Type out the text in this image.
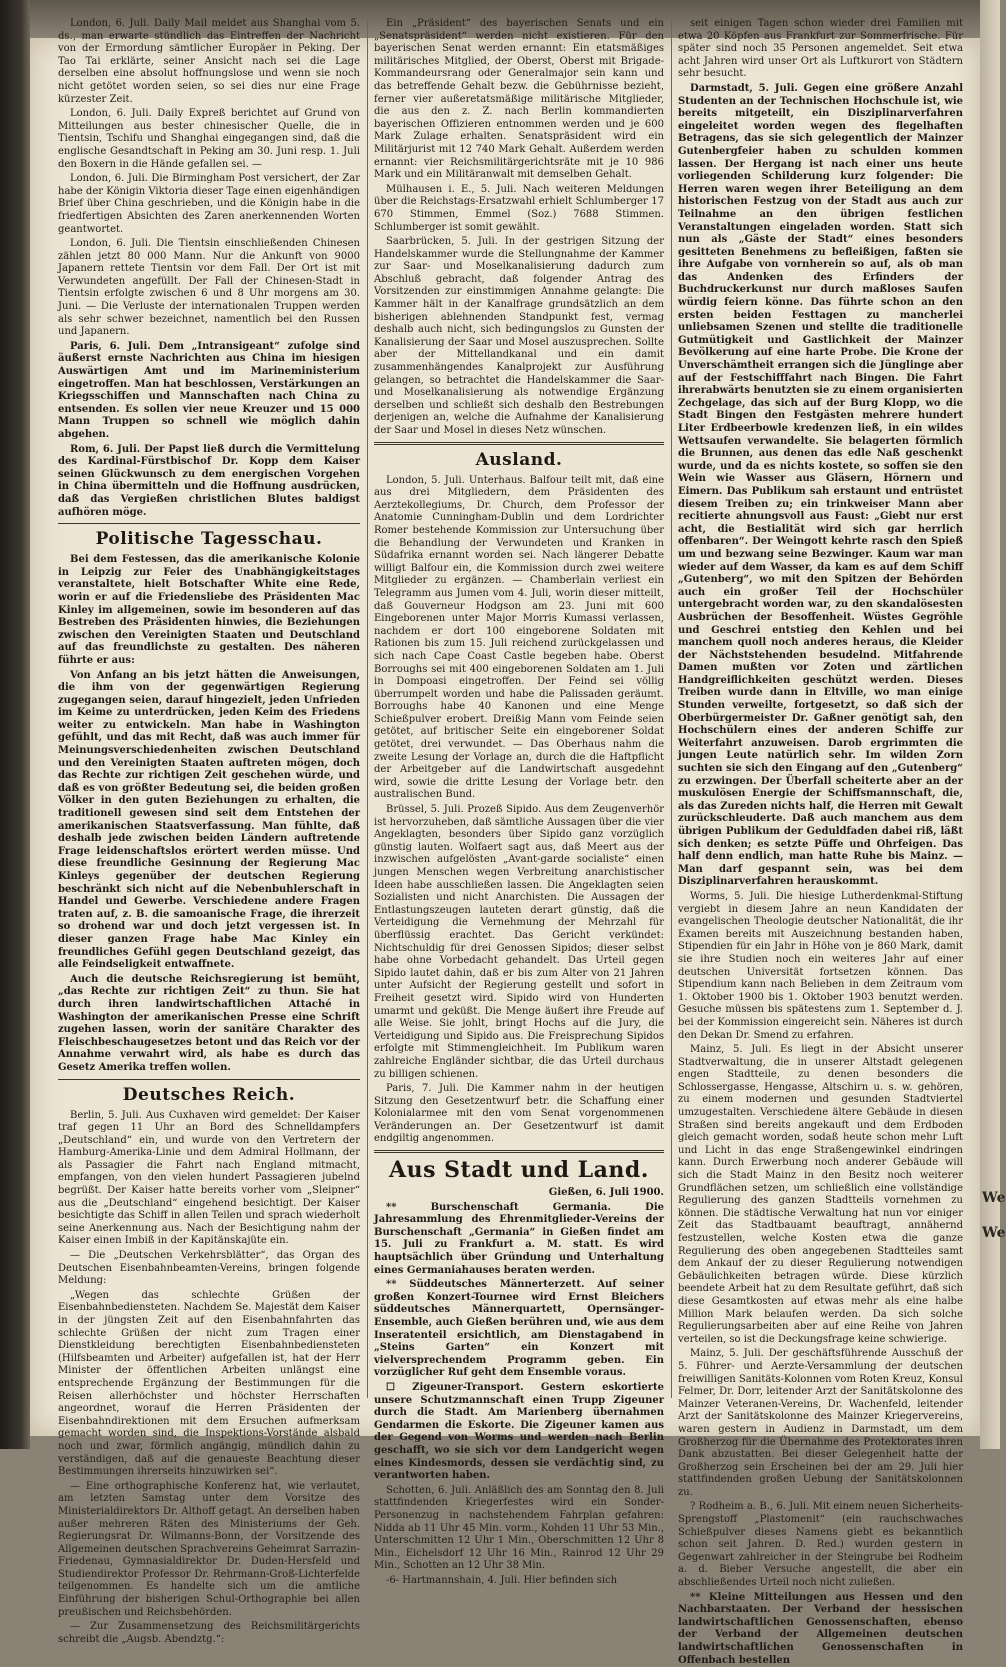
We
We

London, 6. Juli. Daily Mail meldet aus Shanghai vom 5. ds., man erwarte stündlich das Eintreffen der Nachricht von der Ermordung sämtlicher Europäer in Peking. Der Tao Tai erklärte, seiner Ansicht nach sei die Lage derselben eine absolut hoffnungslose und wenn sie noch nicht getötet worden seien, so sei dies nur eine Frage kürzester Zeit.

London, 6. Juli. Daily Expreß berichtet auf Grund von Mitteilungen aus bester chinesischer Quelle, die in Tientsin, Tschifu und Shanghai eingegangen sind, daß die englische Gesandtschaft in Peking am 30. Juni resp. 1. Juli den Boxern in die Hände gefallen sei. —

London, 6. Juli. Die Birmingham Post versichert, der Zar habe der Königin Viktoria dieser Tage einen eigenhändigen Brief über China geschrieben, und die Königin habe in die friedfertigen Absichten des Zaren anerkennenden Worten geantwortet.

London, 6. Juli. Die Tientsin einschließenden Chinesen zählen jetzt 80 000 Mann. Nur die Ankunft von 9000 Japanern rettete Tientsin vor dem Fall. Der Ort ist mit Verwundeten angefüllt. Der Fall der Chinesen-Stadt in Tientsin erfolgte zwischen 6 und 8 Uhr morgens am 30. Juni. — Die Verluste der internationalen Truppen werden als sehr schwer bezeichnet, namentlich bei den Russen und Japanern.

Paris, 6. Juli. Dem „Intransigeant“ zufolge sind äußerst ernste Nachrichten aus China im hiesigen Auswärtigen Amt und im Marineministerium eingetroffen. Man hat beschlossen, Verstärkungen an Kriegsschiffen und Mannschaften nach China zu entsenden. Es sollen vier neue Kreuzer und 15 000 Mann Truppen so schnell wie möglich dahin abgehen.

Rom, 6. Juli. Der Papst ließ durch die Vermittelung des Kardinal-Fürstbischof Dr. Kopp dem Kaiser seinen Glückwunsch zu dem energischen Vorgehen in China übermitteln und die Hoffnung ausdrücken, daß das Vergießen christlichen Blutes baldigst aufhören möge.

Politische Tagesschau.

Bei dem Festessen, das die amerikanische Kolonie in Leipzig zur Feier des Unabhängigkeitstages veranstaltete, hielt Botschafter White eine Rede, worin er auf die Friedensliebe des Präsidenten Mac Kinley im allgemeinen, sowie im besonderen auf das Bestreben des Präsidenten hinwies, die Beziehungen zwischen den Vereinigten Staaten und Deutschland auf das freundlichste zu gestalten. Des näheren führte er aus:

Von Anfang an bis jetzt hätten die Anweisungen, die ihm von der gegenwärtigen Regierung zugegangen seien, darauf hingezielt, jeden Unfrieden im Keime zu unterdrücken, jeden Keim des Friedens weiter zu entwickeln. Man habe in Washington gefühlt, und das mit Recht, daß was auch immer für Meinungsverschiedenheiten zwischen Deutschland und den Vereinigten Staaten auftreten mögen, doch das Rechte zur richtigen Zeit geschehen würde, und daß es von größter Bedeutung sei, die beiden großen Völker in den guten Beziehungen zu erhalten, die traditionell gewesen sind seit dem Entstehen der amerikanischen Staatsverfassung. Man fühlte, daß deshalb jede zwischen beiden Ländern auftretende Frage leidenschaftslos erörtert werden müsse. Und diese freundliche Gesinnung der Regierung Mac Kinleys gegenüber der deutschen Regierung beschränkt sich nicht auf die Nebenbuhlerschaft in Handel und Gewerbe. Verschiedene andere Fragen traten auf, z. B. die samoanische Frage, die ihrerzeit so drohend war und doch jetzt vergessen ist. In dieser ganzen Frage habe Mac Kinley ein freundliches Gefühl gegen Deutschland gezeigt, das alle Feindseligkeit entwaffnete.

Auch die deutsche Reichsregierung ist bemüht, „das Rechte zur richtigen Zeit“ zu thun. Sie hat durch ihren landwirtschaftlichen Attaché in Washington der amerikanischen Presse eine Schrift zugehen lassen, worin der sanitäre Charakter des Fleischbeschaugesetzes betont und das Reich vor der Annahme verwahrt wird, als habe es durch das Gesetz Amerika treffen wollen.

Deutsches Reich.

Berlin, 5. Juli. Aus Cuxhaven wird gemeldet: Der Kaiser traf gegen 11 Uhr an Bord des Schnelldampfers „Deutschland“ ein, und wurde von den Vertretern der Hamburg-Amerika-Linie und dem Admiral Hollmann, der als Passagier die Fahrt nach England mitmacht, empfangen, von den vielen hundert Passagieren jubelnd begrüßt. Der Kaiser hatte bereits vorher vom „Sleipner“ aus die „Deutschland“ eingehend besichtigt. Der Kaiser besichtigte das Schiff in allen Teilen und sprach wiederholt seine Anerkennung aus. Nach der Besichtigung nahm der Kaiser einen Imbiß in der Kapitänskajüte ein.

— Die „Deutschen Verkehrsblätter“, das Organ des Deutschen Eisenbahnbeamten-Vereins, bringen folgende Meldung:

„Wegen das schlechte Grüßen der Eisenbahnbediensteten. Nachdem Se. Majestät dem Kaiser in der jüngsten Zeit auf den Eisenbahnfahrten das schlechte Grüßen der nicht zum Tragen einer Dienstkleidung berechtigten Eisenbahnbediensteten (Hilfsbeamten und Arbeiter) aufgefallen ist, hat der Herr Minister der öffentlichen Arbeiten unlängst eine entsprechende Ergänzung der Bestimmungen für die Reisen allerhöchster und höchster Herrschaften angeordnet, worauf die Herren Präsidenten der Eisenbahndirektionen mit dem Ersuchen aufmerksam gemacht worden sind, die Inspektions-Vorstände alsbald noch und zwar, förmlich angängig, mündlich dahin zu verständigen, daß auf die genaueste Beachtung dieser Bestimmungen ihrerseits hinzuwirken sei“.

— Eine orthographische Konferenz hat, wie verlautet, am letzten Samstag unter dem Vorsitze des Ministerialdirektors Dr. Althoff getagt. An derselben haben außer mehreren Räten des Ministeriums der Geh. Regierungsrat Dr. Wilmanns-Bonn, der Vorsitzende des Allgemeinen deutschen Sprachvereins Geheimrat Sarrazin-Friedenau, Gymnasialdirektor Dr. Duden-Hersfeld und Studiendirektor Professor Dr. Rehrmann-Groß-Lichterfelde teilgenommen. Es handelte sich um die amtliche Einführung der bisherigen Schul-Orthographie bei allen preußischen und Reichsbehörden.

— Zur Zusammensetzung des Reichsmilitärgerichts schreibt die „Augsb. Abendztg.“:

Ein „Präsident“ des bayerischen Senats und ein „Senatspräsident“ werden nicht existieren. Für den bayerischen Senat werden ernannt: Ein etatsmäßiges militärisches Mitglied, der Oberst, Oberst mit Brigade-Kommandeursrang oder Generalmajor sein kann und das betreffende Gehalt bezw. die Gebührnisse bezieht, ferner vier außeretatsmäßige militärische Mitglieder, die aus den z. Z. nach Berlin kommandierten bayerischen Offizieren entnommen werden und je 600 Mark Zulage erhalten. Senatspräsident wird ein Militärjurist mit 12 740 Mark Gehalt. Außerdem werden ernannt: vier Reichsmilitärgerichtsräte mit je 10 986 Mark und ein Militäranwalt mit demselben Gehalt.

Mülhausen i. E., 5. Juli. Nach weiteren Meldungen über die Reichstags-Ersatzwahl erhielt Schlumberger 17 670 Stimmen, Emmel (Soz.) 7688 Stimmen. Schlumberger ist somit gewählt.

Saarbrücken, 5. Juli. In der gestrigen Sitzung der Handelskammer wurde die Stellungnahme der Kammer zur Saar- und Moselkanalisierung dadurch zum Abschluß gebracht, daß folgender Antrag des Vorsitzenden zur einstimmigen Annahme gelangte: Die Kammer hält in der Kanalfrage grundsätzlich an dem bisherigen ablehnenden Standpunkt fest, vermag deshalb auch nicht, sich bedingungslos zu Gunsten der Kanalisierung der Saar und Mosel auszusprechen. Sollte aber der Mittellandkanal und ein damit zusammenhängendes Kanalprojekt zur Ausführung gelangen, so betrachtet die Handelskammer die Saar- und Moselkanalisierung als notwendige Ergänzung derselben und schließt sich deshalb den Bestrebungen derjenigen an, welche die Aufnahme der Kanalisierung der Saar und Mosel in dieses Netz wünschen.

Ausland.

London, 5. Juli. Unterhaus. Balfour teilt mit, daß eine aus drei Mitgliedern, dem Präsidenten des Aerztekollegiums, Dr. Church, dem Professor der Anatomie Cunningham-Dublin und dem Lordrichter Romer bestehende Kommission zur Untersuchung über die Behandlung der Verwundeten und Kranken in Südafrika ernannt worden sei. Nach längerer Debatte willigt Balfour ein, die Kommission durch zwei weitere Mitglieder zu ergänzen. — Chamberlain verliest ein Telegramm aus Jumen vom 4. Juli, worin dieser mitteilt, daß Gouverneur Hodgson am 23. Juni mit 600 Eingeborenen unter Major Morris Kumassi verlassen, nachdem er dort 100 eingeborene Soldaten mit Rationen bis zum 15. Juli reichend zurückgelassen und sich nach Cape Coast Castle begeben habe. Oberst Borroughs sei mit 400 eingeborenen Soldaten am 1. Juli in Dompoasi eingetroffen. Der Feind sei völlig überrumpelt worden und habe die Palissaden geräumt. Borroughs habe 40 Kanonen und eine Menge Schießpulver erobert. Dreißig Mann vom Feinde seien getötet, auf britischer Seite ein eingeborener Soldat getötet, drei verwundet. — Das Oberhaus nahm die zweite Lesung der Vorlage an, durch die die Haftpflicht der Arbeitgeber auf die Landwirtschaft ausgedehnt wird, sowie die dritte Lesung der Vorlage betr. den australischen Bund.

Brüssel, 5. Juli. Prozeß Sipido. Aus dem Zeugenverhör ist hervorzuheben, daß sämtliche Aussagen über die vier Angeklagten, besonders über Sipido ganz vorzüglich günstig lauten. Wolfaert sagt aus, daß Meert aus der inzwischen aufgelösten „Avant-garde socialiste“ einen jungen Menschen wegen Verbreitung anarchistischer Ideen habe ausschließen lassen. Die Angeklagten seien Sozialisten und nicht Anarchisten. Die Aussagen der Entlastungszeugen lauteten derart günstig, daß die Verteidigung die Vernehmung der Mehrzahl für überflüssig erachtet. Das Gericht verkündet: Nichtschuldig für drei Genossen Sipidos; dieser selbst habe ohne Vorbedacht gehandelt. Das Urteil gegen Sipido lautet dahin, daß er bis zum Alter von 21 Jahren unter Aufsicht der Regierung gestellt und sofort in Freiheit gesetzt wird. Sipido wird von Hunderten umarmt und geküßt. Die Menge äußert ihre Freude auf alle Weise. Sie johlt, bringt Hochs auf die Jury, die Verteidigung und Sipido aus. Die Freisprechung Sipidos erfolgte mit Stimmengleichheit. Im Publikum waren zahlreiche Engländer sichtbar, die das Urteil durchaus zu billigen schienen.

Paris, 7. Juli. Die Kammer nahm in der heutigen Sitzung den Gesetzentwurf betr. die Schaffung einer Kolonialarmee mit den vom Senat vorgenommenen Veränderungen an. Der Gesetzentwurf ist damit endgiltig angenommen.

Aus Stadt und Land.

Gießen, 6. Juli 1900.

** Burschenschaft Germania. Die Jahresammlung des Ehrenmitglieder-Vereins der Burschenschaft „Germania“ in Gießen findet am 15. Juli zu Frankfurt a. M. statt. Es wird hauptsächlich über Gründung und Unterhaltung eines Germaniahauses beraten werden.

** Süddeutsches Männerterzett. Auf seiner großen Konzert-Tournee wird Ernst Bleichers süddeutsches Männerquartett, Opernsänger-Ensemble, auch Gießen berühren und, wie aus dem Inseratenteil ersichtlich, am Dienstagabend in „Steins Garten“ ein Konzert mit vielversprechendem Programm geben. Ein vorzüglicher Ruf geht dem Ensemble voraus.

☐ Zigeuner-Transport. Gestern eskortierte unsere Schutzmannschaft einen Trupp Zigeuner durch die Stadt. Am Marienberg übernahmen Gendarmen die Eskorte. Die Zigeuner kamen aus der Gegend von Worms und werden nach Berlin geschafft, wo sie sich vor dem Landgericht wegen eines Kindesmords, dessen sie verdächtig sind, zu verantworten haben.

Schotten, 6. Juli. Anläßlich des am Sonntag den 8. Juli stattfindenden Kriegerfestes wird ein Sonder-Personenzug in nachstehendem Fahrplan gefahren: Nidda ab 11 Uhr 45 Min. vorm., Kohden 11 Uhr 53 Min., Unterschmitten 12 Uhr 1 Min., Oberschmitten 12 Uhr 8 Min., Eichelsdorf 12 Uhr 16 Min., Rainrod 12 Uhr 29 Min., Schotten an 12 Uhr 38 Min.

-6- Hartmannshain, 4. Juli. Hier befinden sich

seit einigen Tagen schon wieder drei Familien mit etwa 20 Köpfen aus Frankfurt zur Sommerfrische. Für später sind noch 35 Personen angemeldet. Seit etwa acht Jahren wird unser Ort als Luftkurort von Städtern sehr besucht.

Darmstadt, 5. Juli. Gegen eine größere Anzahl Studenten an der Technischen Hochschule ist, wie bereits mitgeteilt, ein Disziplinarverfahren eingeleitet worden wegen des flegelhaften Betragens, das sie sich gelegentlich der Mainzer Gutenbergfeier haben zu schulden kommen lassen. Der Hergang ist nach einer uns heute vorliegenden Schilderung kurz folgender: Die Herren waren wegen ihrer Beteiligung an dem historischen Festzug von der Stadt aus auch zur Teilnahme an den übrigen festlichen Veranstaltungen eingeladen worden. Statt sich nun als „Gäste der Stadt“ eines besonders gesitteten Benehmens zu befleißigen, faßten sie ihre Aufgabe von vornherein so auf, als ob man das Andenken des Erfinders der Buchdruckerkunst nur durch maßloses Saufen würdig feiern könne. Das führte schon an den ersten beiden Festtagen zu mancherlei unliebsamen Szenen und stellte die traditionelle Gutmütigkeit und Gastlichkeit der Mainzer Bevölkerung auf eine harte Probe. Die Krone der Unverschämtheit errangen sich die Jünglinge aber auf der Festschifffahrt nach Bingen. Die Fahrt ihrerabwärts benutzten sie zu einem organisierten Zechgelage, das sich auf der Burg Klopp, wo die Stadt Bingen den Festgästen mehrere hundert Liter Erdbeerbowle kredenzen ließ, in ein wildes Wettsaufen verwandelte. Sie belagerten förmlich die Brunnen, aus denen das edle Naß geschenkt wurde, und da es nichts kostete, so soffen sie den Wein wie Wasser aus Gläsern, Hörnern und Eimern. Das Publikum sah erstaunt und entrüstet diesem Treiben zu; ein trinkweiser Mann aber recitierte ahnungsvoll aus Faust: „Giebt nur erst acht, die Bestialität wird sich gar herrlich offenbaren“. Der Weingott kehrte rasch den Spieß um und bezwang seine Bezwinger. Kaum war man wieder auf dem Wasser, da kam es auf dem Schiff „Gutenberg“, wo mit den Spitzen der Behörden auch ein großer Teil der Hochschüler untergebracht worden war, zu den skandalösesten Ausbrüchen der Besoffenheit. Wüstes Gegröhle und Geschrei entstieg den Kehlen und bei manchem quoll noch anderes heraus, die Kleider der Nächststehenden besudelnd. Mitfahrende Damen mußten vor Zoten und zärtlichen Handgreiflichkeiten geschützt werden. Dieses Treiben wurde dann in Eltville, wo man einige Stunden verweilte, fortgesetzt, so daß sich der Oberbürgermeister Dr. Gaßner genötigt sah, den Hochschülern eines der anderen Schiffe zur Weiterfahrt anzuweisen. Darob ergrimmten die jungen Leute natürlich sehr. Im wilden Zorn suchten sie sich den Eingang auf den „Gutenberg“ zu erzwingen. Der Überfall scheiterte aber an der muskulösen Energie der Schiffsmannschaft, die, als das Zureden nichts half, die Herren mit Gewalt zurückschleuderte. Daß auch manchem aus dem übrigen Publikum der Geduldfaden dabei riß, läßt sich denken; es setzte Püffe und Ohrfeigen. Das half denn endlich, man hatte Ruhe bis Mainz. — Man darf gespannt sein, was bei dem Disziplinarverfahren herauskommt.

Worms, 5. Juli. Die hiesige Lutherdenkmal-Stiftung vergiebt in diesem Jahre an neun Kandidaten der evangelischen Theologie deutscher Nationalität, die ihr Examen bereits mit Auszeichnung bestanden haben, Stipendien für ein Jahr in Höhe von je 860 Mark, damit sie ihre Studien noch ein weiteres Jahr auf einer deutschen Universität fortsetzen können. Das Stipendium kann nach Belieben in dem Zeitraum vom 1. Oktober 1900 bis 1. Oktober 1903 benutzt werden. Gesuche müssen bis spätestens zum 1. September d. J. bei der Kommission eingereicht sein. Näheres ist durch den Dekan Dr. Smend zu erfahren.

Mainz, 5. Juli. Es liegt in der Absicht unserer Stadtverwaltung, die in unserer Altstadt gelegenen engen Stadtteile, zu denen besonders die Schlossergasse, Hengasse, Altschirn u. s. w. gehören, zu einem modernen und gesunden Stadtviertel umzugestalten. Verschiedene ältere Gebäude in diesen Straßen sind bereits angekauft und dem Erdboden gleich gemacht worden, sodaß heute schon mehr Luft und Licht in das enge Straßengewinkel eindringen kann. Durch Erwerbung noch anderer Gebäude will sich die Stadt Mainz in den Besitz noch weiterer Grundflächen setzen, um schließlich eine vollständige Regulierung des ganzen Stadtteils vornehmen zu können. Die städtische Verwaltung hat nun vor einiger Zeit das Stadtbauamt beauftragt, annähernd festzustellen, welche Kosten etwa die ganze Regulierung des oben angegebenen Stadtteiles samt dem Ankauf der zu dieser Regulierung notwendigen Gebäulichkeiten betragen würde. Diese kürzlich beendete Arbeit hat zu dem Resultate geführt, daß sich diese Gesamtkosten auf etwas mehr als eine halbe Million Mark belaufen werden. Da sich solche Regulierungsarbeiten aber auf eine Reihe von Jahren verteilen, so ist die Deckungsfrage keine schwierige.

Mainz, 5. Juli. Der geschäftsführende Ausschuß der 5. Führer- und Aerzte-Versammlung der deutschen freiwilligen Sanitäts-Kolonnen vom Roten Kreuz, Konsul Felmer, Dr. Dorr, leitender Arzt der Sanitätskolonne des Mainzer Veteranen-Vereins, Dr. Wachenfeld, leitender Arzt der Sanitätskolonne des Mainzer Kriegervereins, waren gestern in Audienz in Darmstadt, um dem Großherzog für die Übernahme des Protektorates ihren Dank abzustatten. Bei dieser Gelegenheit hatte der Großherzog sein Erscheinen bei der am 29. Juli hier stattfindenden großen Uebung der Sanitätskolonnen zu.

? Rodheim a. B., 6. Juli. Mit einem neuen Sicherheits-Sprengstoff „Plastomenit“ (ein rauchschwaches Schießpulver dieses Namens giebt es bekanntlich schon seit Jahren. D. Red.) wurden gestern in Gegenwart zahlreicher in der Steingrube bei Rodheim a. d. Bieber Versuche angestellt, die aber ein abschließendes Urteil noch nicht zuließen.

** Kleine Mitteilungen aus Hessen und den Nachbarstaaten. Der Verband der hessischen landwirtschaftlichen Genossenschaften, ebenso der Verband der Allgemeinen deutschen landwirtschaftlichen Genossenschaften in Offenbach bestellen
